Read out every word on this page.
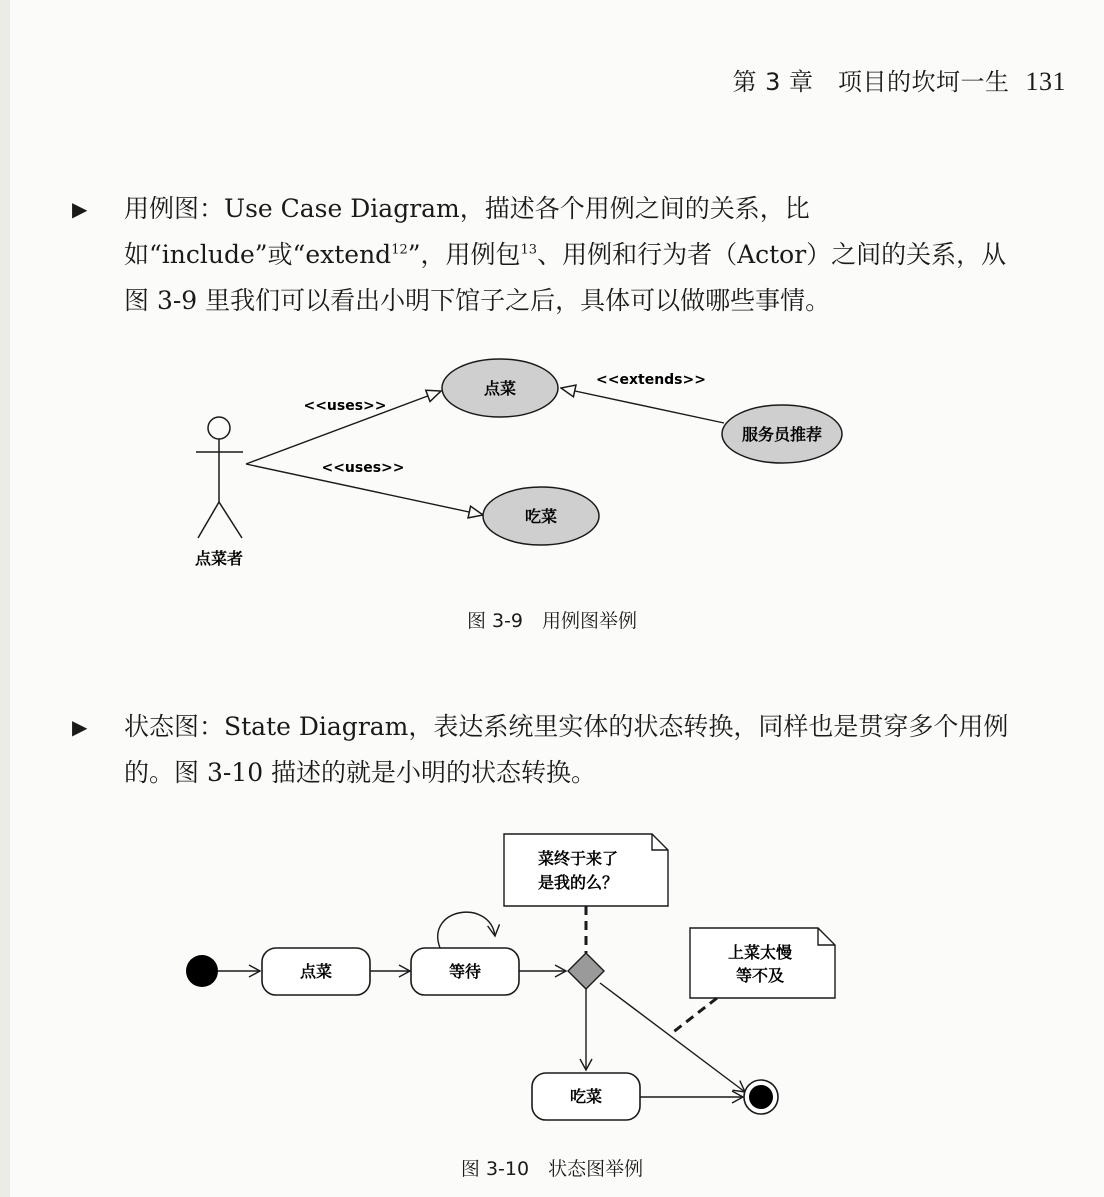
第 3 章　项目的坎坷一生 131
▶ 用例图：Use Case Diagram，描述各个用例之间的关系，比如“include”或“extend$^{12}$”，用例包$^{13}$、用例和行为者（Actor）之间的关系，从图 3-9 里我们可以看出小明下馆子之后，具体可以做哪些事情。
点菜者
<<uses>>
<<uses>>
<<extends>>
点菜
吃菜
服务员推荐
图 3-9　用例图举例
▶ 状态图：State Diagram，表达系统里实体的状态转换，同样也是贯穿多个用例的。图 3-10 描述的就是小明的状态转换。
点菜	等待
吃菜
菜终于来了
是我的么？
上菜太慢
等不及
图 3-10　状态图举例
